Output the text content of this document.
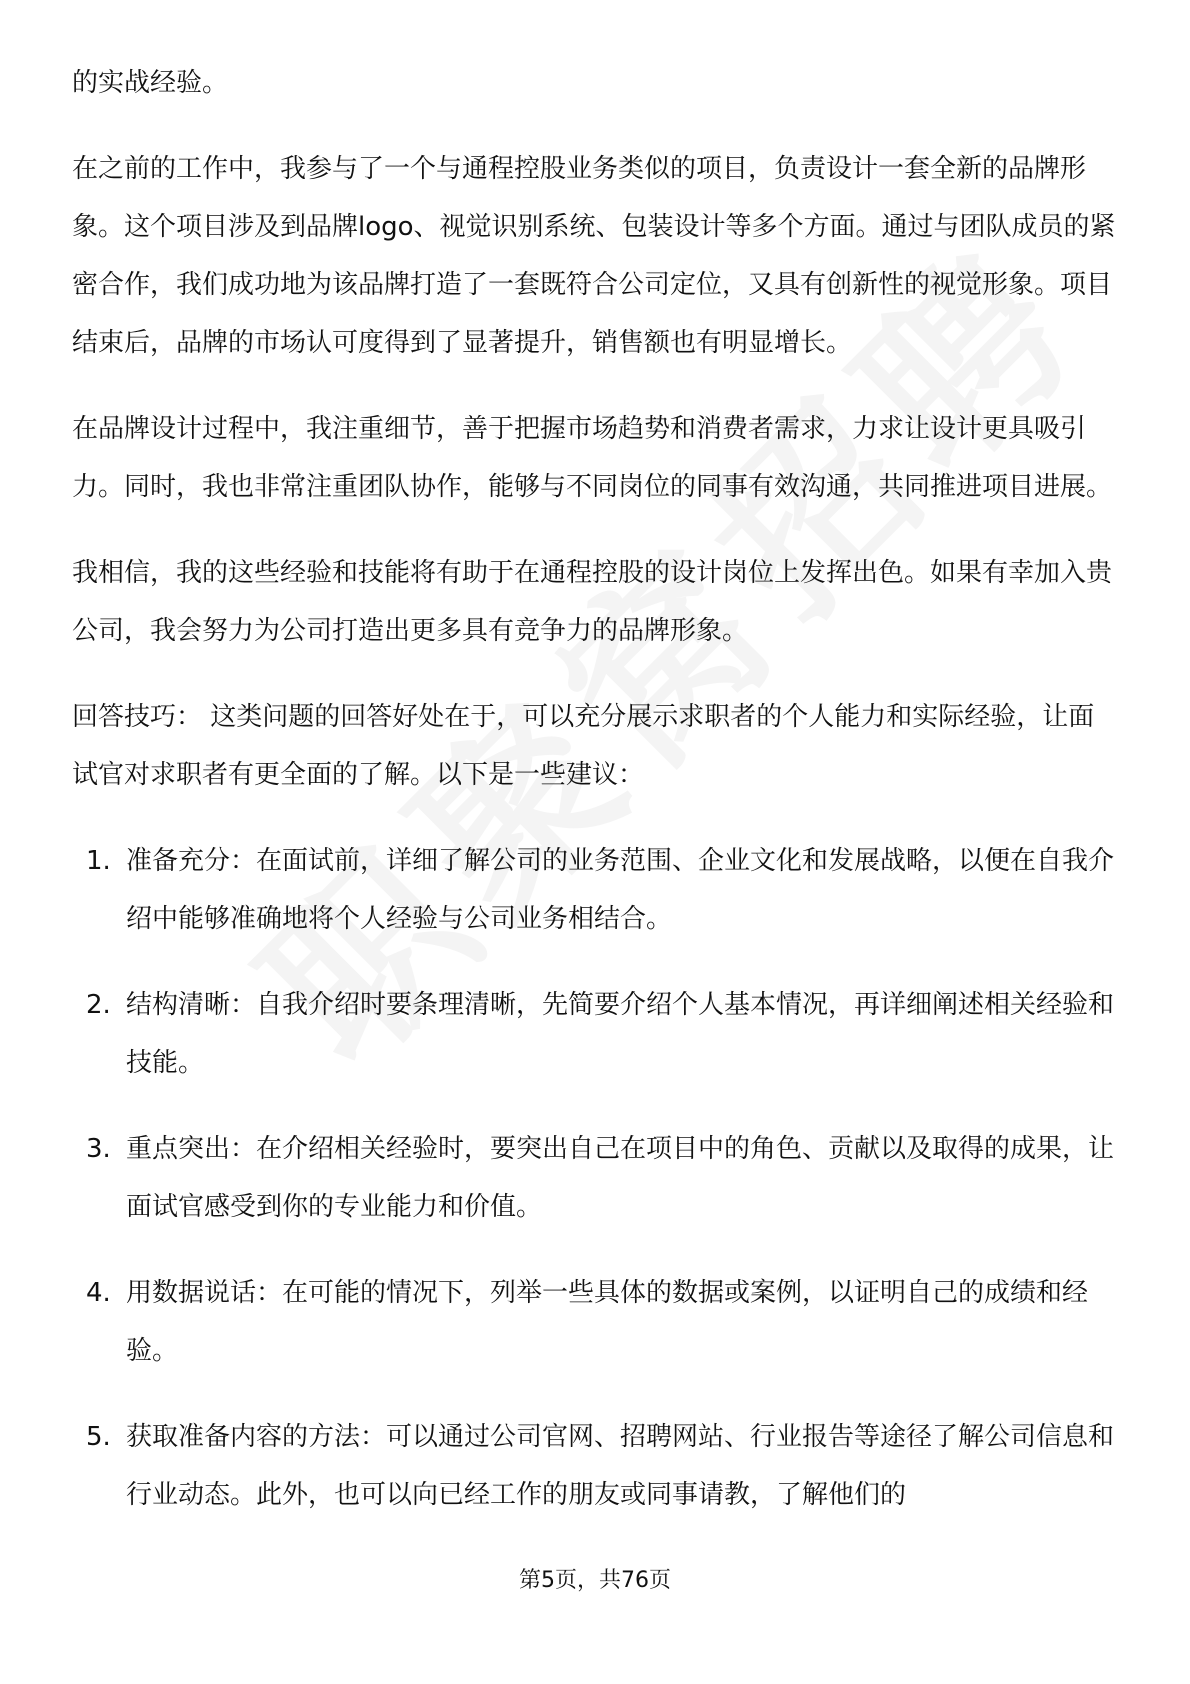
的实战经验。

在之前的工作中，我参与了一个与通程控股业务类似的项目，负责设计一套全新的品牌形象。这个项目涉及到品牌logo、视觉识别系统、包装设计等多个方面。通过与团队成员的紧密合作，我们成功地为该品牌打造了一套既符合公司定位，又具有创新性的视觉形象。项目结束后，品牌的市场认可度得到了显著提升，销售额也有明显增长。

在品牌设计过程中，我注重细节，善于把握市场趋势和消费者需求，力求让设计更具吸引力。同时，我也非常注重团队协作，能够与不同岗位的同事有效沟通，共同推进项目进展。

我相信，我的这些经验和技能将有助于在通程控股的设计岗位上发挥出色。如果有幸加入贵公司，我会努力为公司打造出更多具有竞争力的品牌形象。

回答技巧： 这类问题的回答好处在于，可以充分展示求职者的个人能力和实际经验，让面试官对求职者有更全面的了解。以下是一些建议：

1. 准备充分：在面试前，详细了解公司的业务范围、企业文化和发展战略，以便在自我介绍中能够准确地将个人经验与公司业务相结合。
2. 结构清晰：自我介绍时要条理清晰，先简要介绍个人基本情况，再详细阐述相关经验和技能。
3. 重点突出：在介绍相关经验时，要突出自己在项目中的角色、贡献以及取得的成果，让面试官感受到你的专业能力和价值。
4. 用数据说话：在可能的情况下，列举一些具体的数据或案例，以证明自己的成绩和经验。
5. 获取准备内容的方法：可以通过公司官网、招聘网站、行业报告等途径了解公司信息和行业动态。此外，也可以向已经工作的朋友或同事请教，了解他们的
第5页，共76页
